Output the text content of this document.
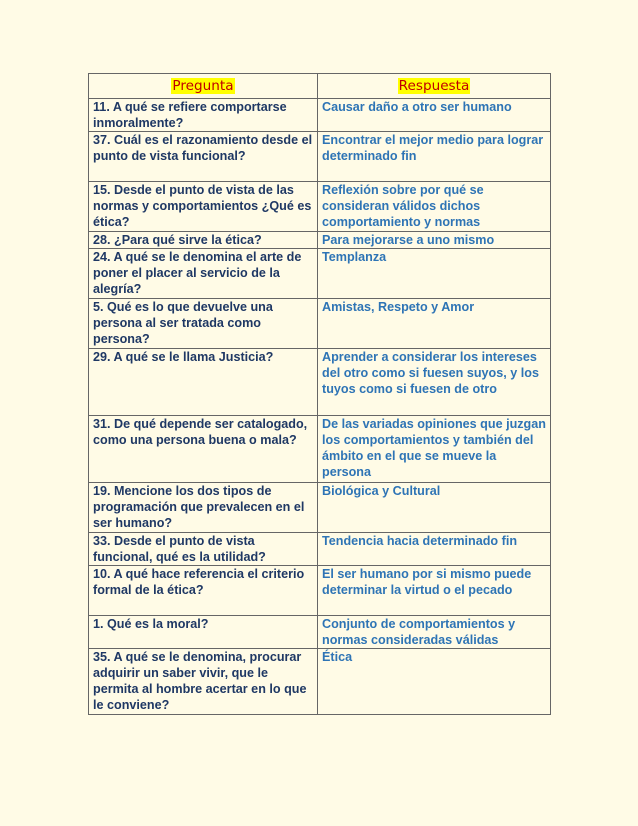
Pregunta	Respuesta
11. A qué se refiere comportarse inmoralmente?	Causar daño a otro ser humano
37. Cuál es el razonamiento desde el punto de vista funcional?	Encontrar el mejor medio para lograr determinado fin
15. Desde el punto de vista de las normas y comportamientos ¿Qué es ética?	Reflexión sobre por qué se consideran válidos dichos comportamiento y normas
28. ¿Para qué sirve la ética?	Para mejorarse a uno mismo
24. A qué se le denomina el arte de poner el placer al servicio de la alegría?	Templanza
5. Qué es lo que devuelve una persona al ser tratada como persona?	Amistas, Respeto y Amor
29. A qué se le llama Justicia?	Aprender a considerar los intereses del otro como si fuesen suyos, y los tuyos como si fuesen de otro
31. De qué depende ser catalogado, como una persona buena o mala?	De las variadas opiniones que juzgan los comportamientos y también del ámbito en el que se mueve la persona
19. Mencione los dos tipos de programación que prevalecen en el ser humano?	Biológica y Cultural
33. Desde el punto de vista funcional, qué es la utilidad?	Tendencia hacia determinado fin
10. A qué hace referencia el criterio formal de la ética?	El ser humano por si mismo puede determinar la virtud o el pecado
1. Qué es la moral?	Conjunto de comportamientos y normas consideradas válidas
35. A qué se le denomina, procurar adquirir un saber vivir, que le permita al hombre acertar en lo que le conviene?	Ética
